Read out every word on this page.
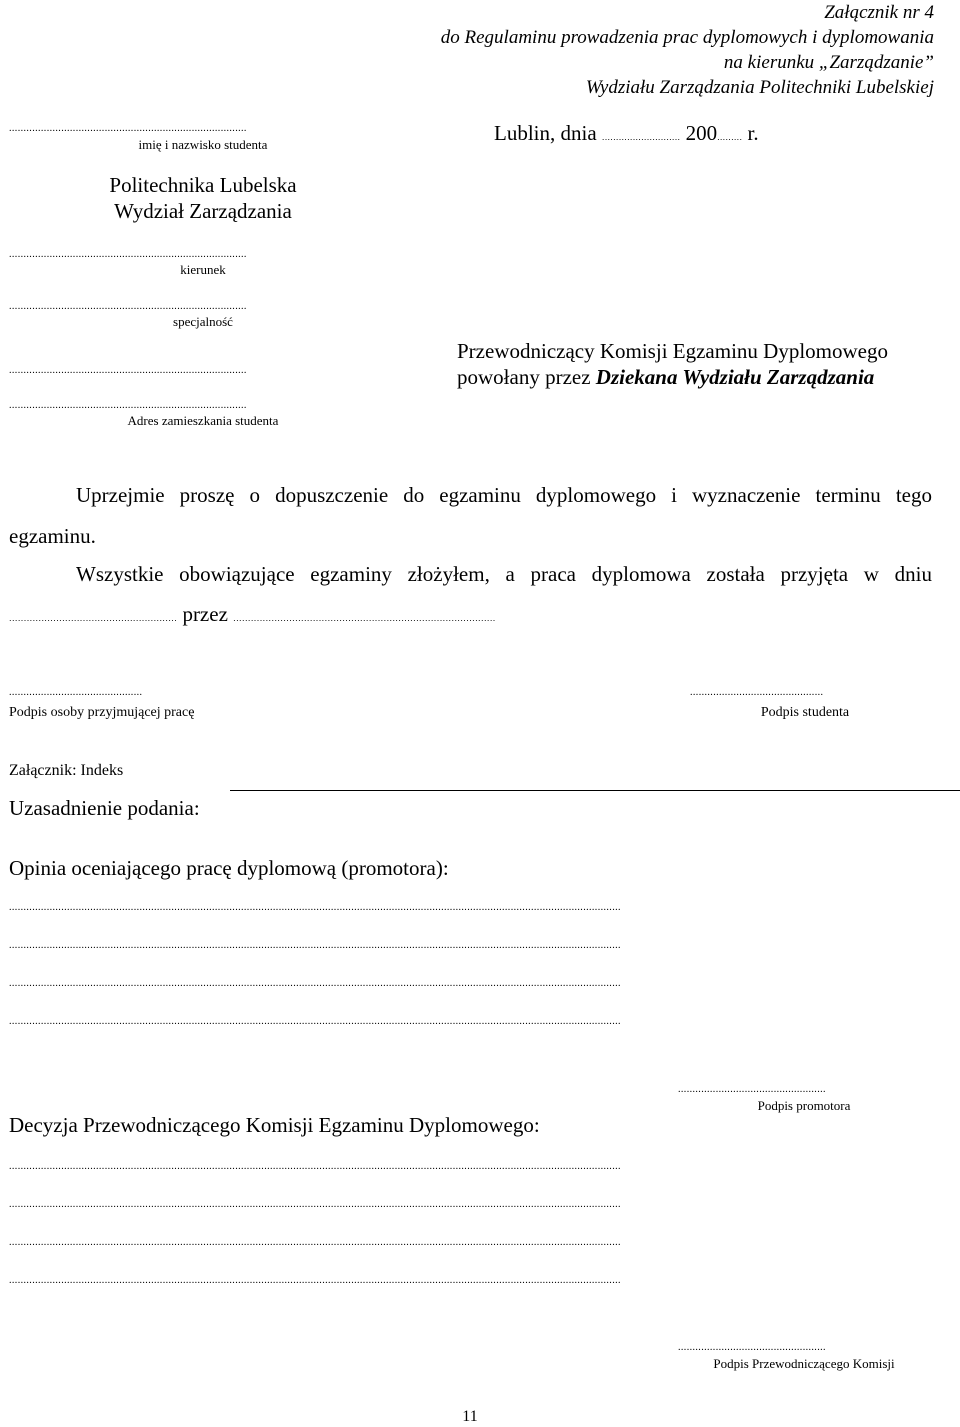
Załącznik nr 4
do Regulaminu prowadzenia prac dyplomowych i dyplomowania
na kierunku „Zarządzanie”
Wydziału Zarządzania Politechniki Lubelskiej
..................................................................................
imię i nazwisko studenta
Politechnika Lubelska
Wydział Zarządzania
..................................................................................
kierunek
..................................................................................
specjalność
..................................................................................
..................................................................................
Adres zamieszkania studenta
Lublin, dnia ............................ 200......... r.
Przewodniczący Komisji Egzaminu Dyplomowego
powołany przez Dziekana Wydziału Zarządzania
Uprzejmie proszę o dopuszczenie do egzaminu dyplomowego i wyznaczenie terminu tego
egzaminu.
Wszystkie obowiązujące egzaminy złożyłem, a praca dyplomowa została przyjęta w dniu
......................................................... przez .........................................................................................
..............................................
Podpis osoby przyjmującej pracę
..............................................
Podpis studenta
Załącznik: Indeks
Uzasadnienie podania:
Opinia oceniającego pracę dyplomową (promotora):
...................................................................................................................................................................................................................
...................................................................................................................................................................................................................
...................................................................................................................................................................................................................
...................................................................................................................................................................................................................
...................................................
Podpis promotora
Decyzja Przewodniczącego Komisji Egzaminu Dyplomowego:
...................................................................................................................................................................................................................
...................................................................................................................................................................................................................
...................................................................................................................................................................................................................
...................................................................................................................................................................................................................
...................................................
Podpis Przewodniczącego Komisji
11
